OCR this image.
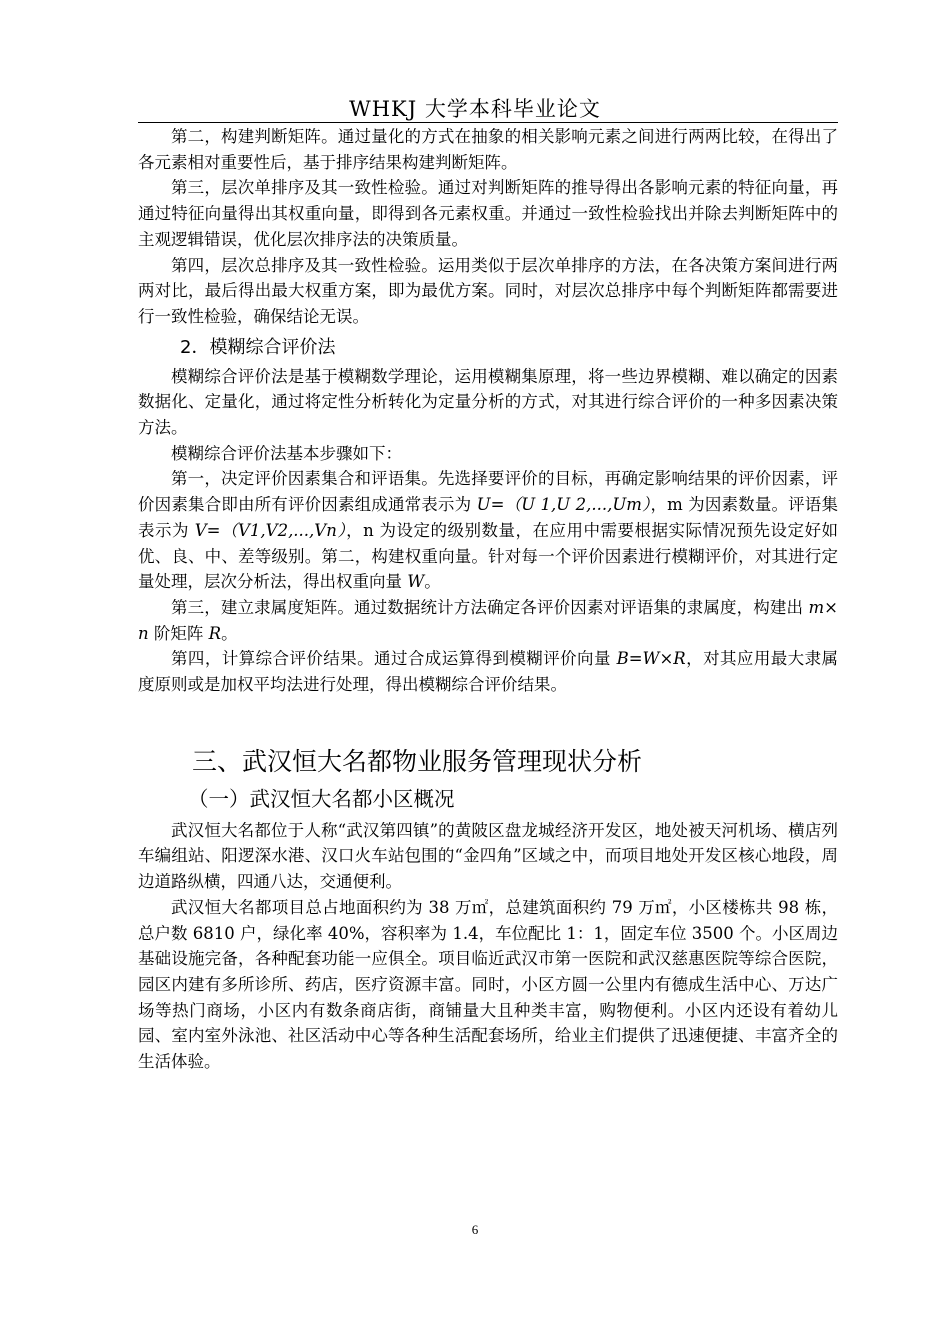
WHKJ 大学本科毕业论文

第二，构建判断矩阵。通过量化的方式在抽象的相关影响元素之间进行两两比较，在得出了各元素相对重要性后，基于排序结果构建判断矩阵。

第三，层次单排序及其一致性检验。通过对判断矩阵的推导得出各影响元素的特征向量，再通过特征向量得出其权重向量，即得到各元素权重。并通过一致性检验找出并除去判断矩阵中的主观逻辑错误，优化层次排序法的决策质量。

第四，层次总排序及其一致性检验。运用类似于层次单排序的方法，在各决策方案间进行两两对比，最后得出最大权重方案，即为最优方案。同时，对层次总排序中每个判断矩阵都需要进行一致性检验，确保结论无误。

2．模糊综合评价法

模糊综合评价法是基于模糊数学理论，运用模糊集原理，将一些边界模糊、难以确定的因素数据化、定量化，通过将定性分析转化为定量分析的方式，对其进行综合评价的一种多因素决策方法。

模糊综合评价法基本步骤如下：

第一，决定评价因素集合和评语集。先选择要评价的目标，再确定影响结果的评价因素，评价因素集合即由所有评价因素组成通常表示为 U=（U 1,U 2,...,Um），m 为因素数量。评语集表示为 V=（V1,V2,...,Vn），n 为设定的级别数量，在应用中需要根据实际情况预先设定好如优、良、中、差等级别。第二，构建权重向量。针对每一个评价因素进行模糊评价，对其进行定量处理，层次分析法，得出权重向量 W。

第三，建立隶属度矩阵。通过数据统计方法确定各评价因素对评语集的隶属度，构建出 m×n 阶矩阵 R。

第四，计算综合评价结果。通过合成运算得到模糊评价向量 B=W×R，对其应用最大隶属度原则或是加权平均法进行处理，得出模糊综合评价结果。

三、武汉恒大名都物业服务管理现状分析
（一）武汉恒大名都小区概况

武汉恒大名都位于人称“武汉第四镇”的黄陂区盘龙城经济开发区，地处被天河机场、横店列车编组站、阳逻深水港、汉口火车站包围的“金四角”区域之中，而项目地处开发区核心地段，周边道路纵横，四通八达，交通便利。

武汉恒大名都项目总占地面积约为 38 万㎡，总建筑面积约 79 万㎡，小区楼栋共 98 栋，总户数 6810 户，绿化率 40%，容积率为 1.4，车位配比 1：1，固定车位 3500 个。小区周边基础设施完备，各种配套功能一应俱全。项目临近武汉市第一医院和武汉慈惠医院等综合医院，园区内建有多所诊所、药店，医疗资源丰富。同时，小区方圆一公里内有德成生活中心、万达广场等热门商场，小区内有数条商店街，商铺量大且种类丰富，购物便利。小区内还设有着幼儿园、室内室外泳池、社区活动中心等各种生活配套场所，给业主们提供了迅速便捷、丰富齐全的生活体验。

6
